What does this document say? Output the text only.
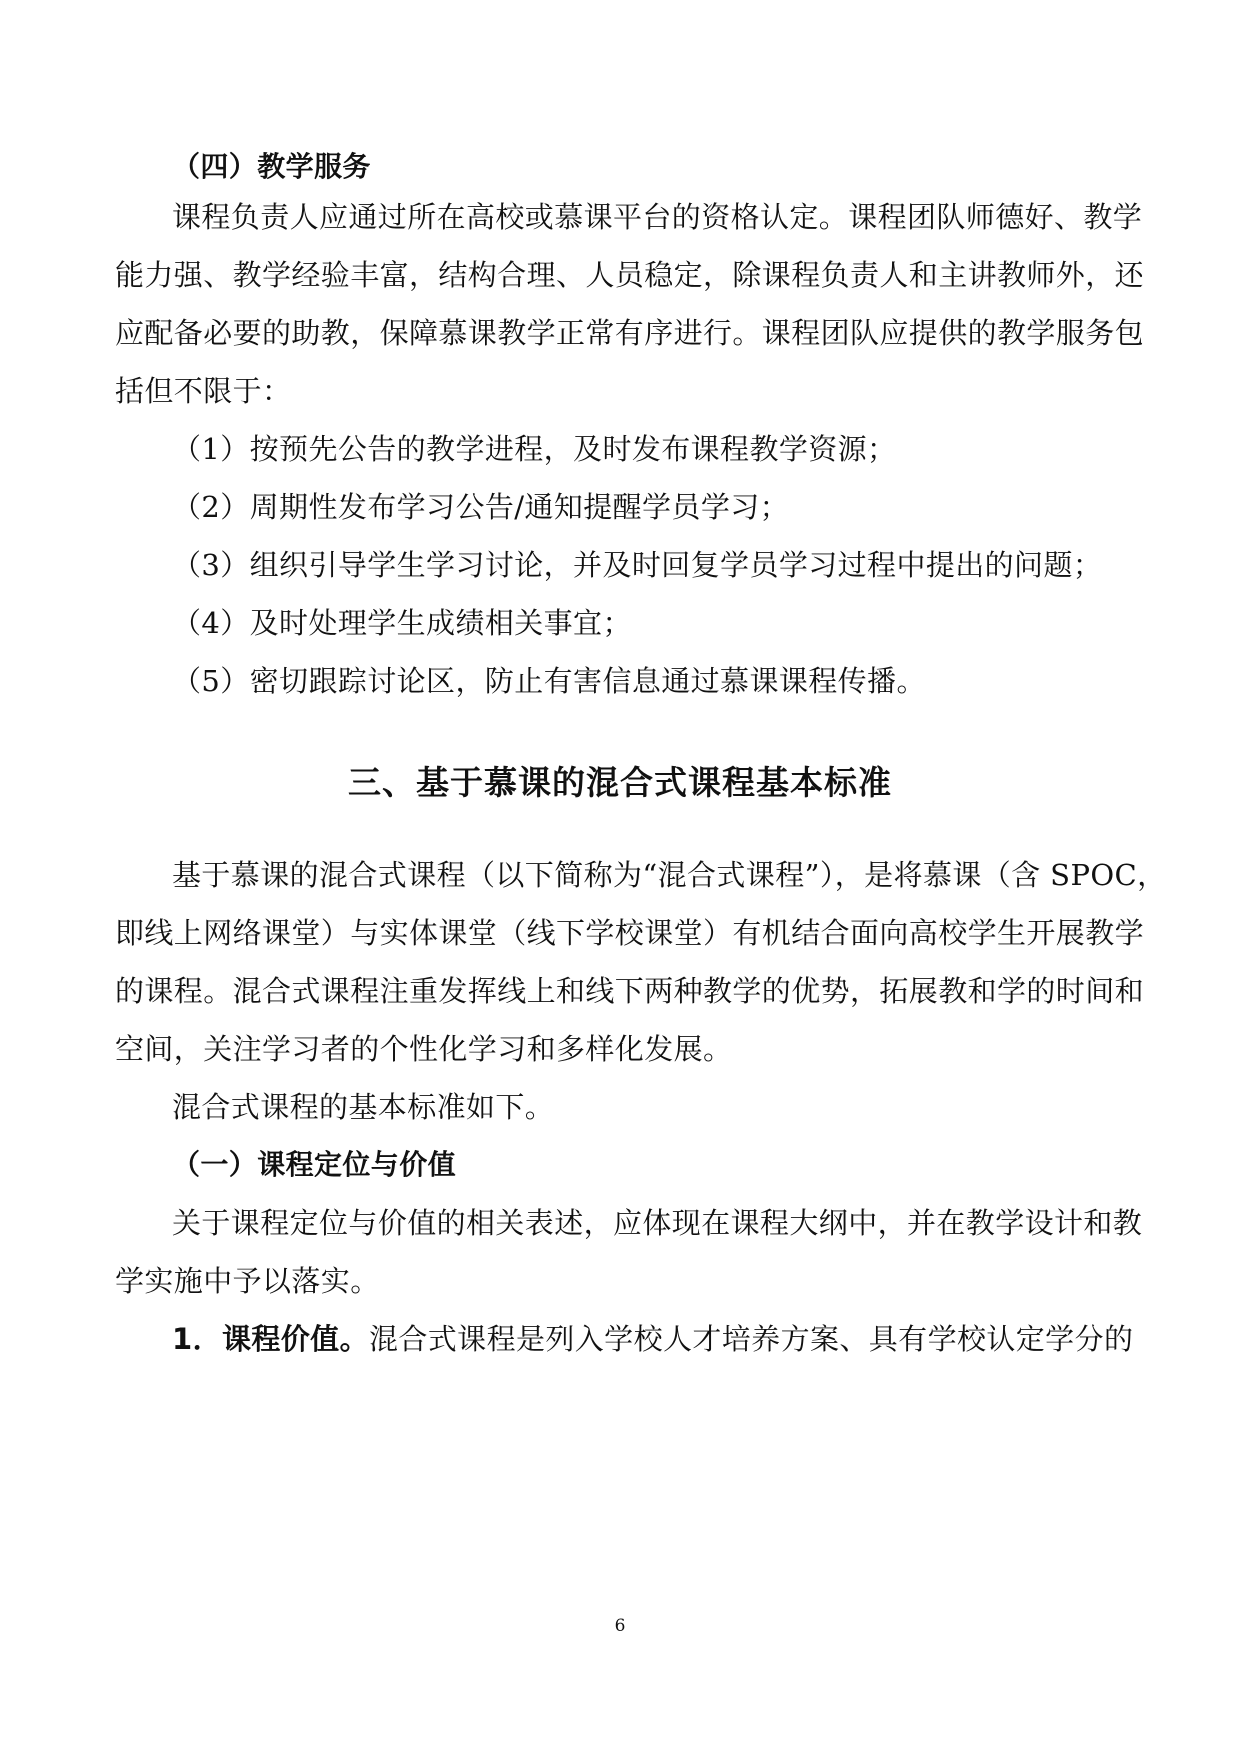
（四）教学服务
课程负责人应通过所在高校或慕课平台的资格认定。课程团队师德好、教学
能力强、教学经验丰富，结构合理、人员稳定，除课程负责人和主讲教师外，还
应配备必要的助教，保障慕课教学正常有序进行。课程团队应提供的教学服务包
括但不限于：
（1）按预先公告的教学进程，及时发布课程教学资源；
（2）周期性发布学习公告/通知提醒学员学习；
（3）组织引导学生学习讨论，并及时回复学员学习过程中提出的问题；
（4）及时处理学生成绩相关事宜；
（5）密切跟踪讨论区，防止有害信息通过慕课课程传播。
三、基于慕课的混合式课程基本标准
基于慕课的混合式课程（以下简称为“混合式课程”），是将慕课（含 SPOC，
即线上网络课堂）与实体课堂（线下学校课堂）有机结合面向高校学生开展教学
的课程。混合式课程注重发挥线上和线下两种教学的优势，拓展教和学的时间和
空间，关注学习者的个性化学习和多样化发展。
混合式课程的基本标准如下。
（一）课程定位与价值
关于课程定位与价值的相关表述，应体现在课程大纲中，并在教学设计和教
学实施中予以落实。
1．课程价值。混合式课程是列入学校人才培养方案、具有学校认定学分的
6
